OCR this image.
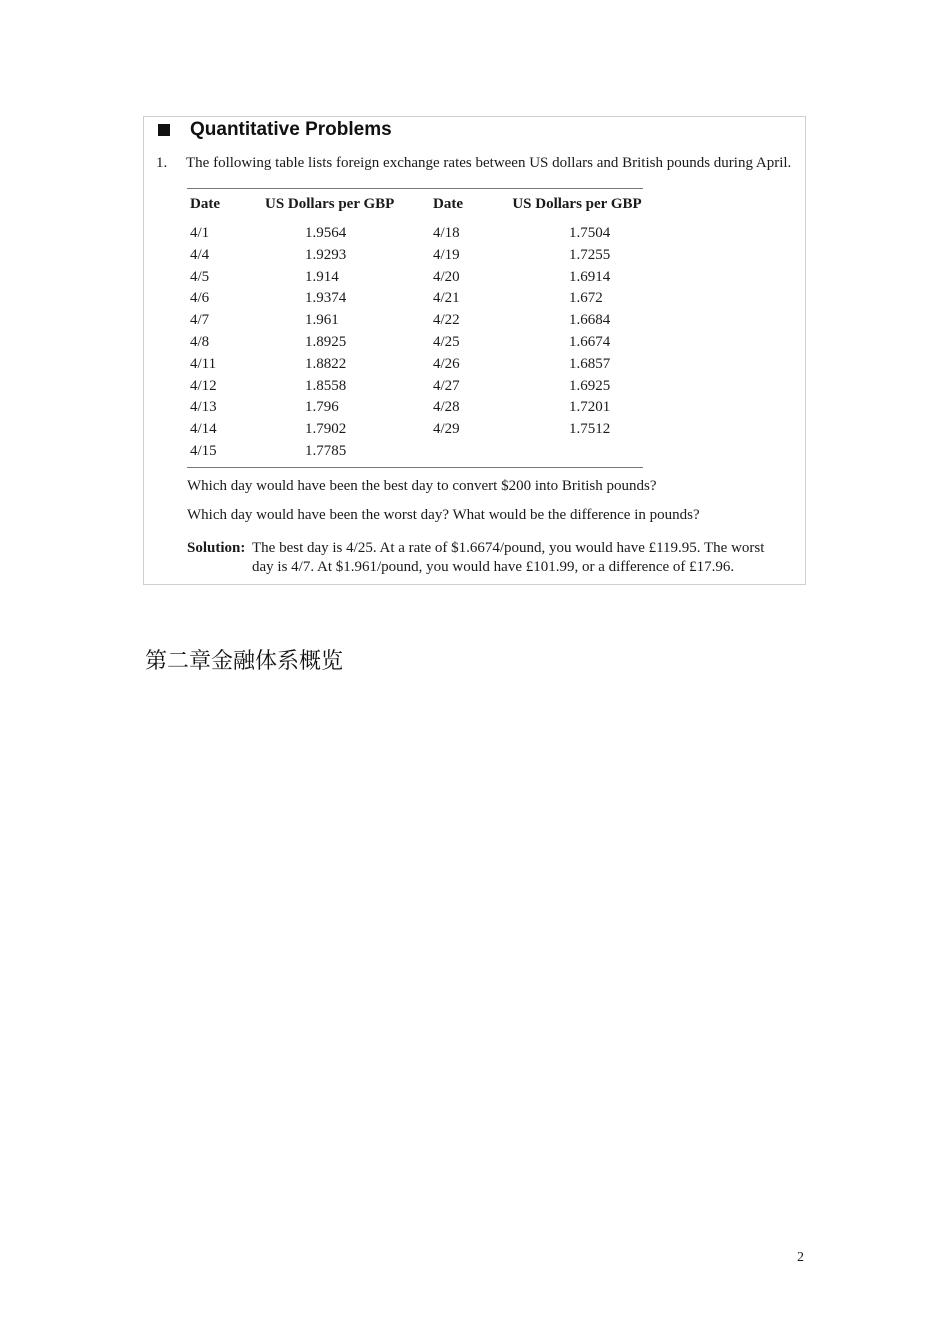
Quantitative Problems
1. The following table lists foreign exchange rates between US dollars and British pounds during April.
Date	US Dollars per GBP	Date	US Dollars per GBP
4/1	1.9564	4/18	1.7504
4/4	1.9293	4/19	1.7255
4/5	1.914	4/20	1.6914
4/6	1.9374	4/21	1.672
4/7	1.961	4/22	1.6684
4/8	1.8925	4/25	1.6674
4/11	1.8822	4/26	1.6857
4/12	1.8558	4/27	1.6925
4/13	1.796	4/28	1.7201
4/14	1.7902	4/29	1.7512
4/15	1.7785
Which day would have been the best day to convert $200 into British pounds?
Which day would have been the worst day? What would be the difference in pounds?
Solution: The best day is 4/25. At a rate of $1.6674/pound, you would have £119.95. The worst day is 4/7. At $1.961/pound, you would have £101.99, or a difference of £17.96.
第二章金融体系概览
2
